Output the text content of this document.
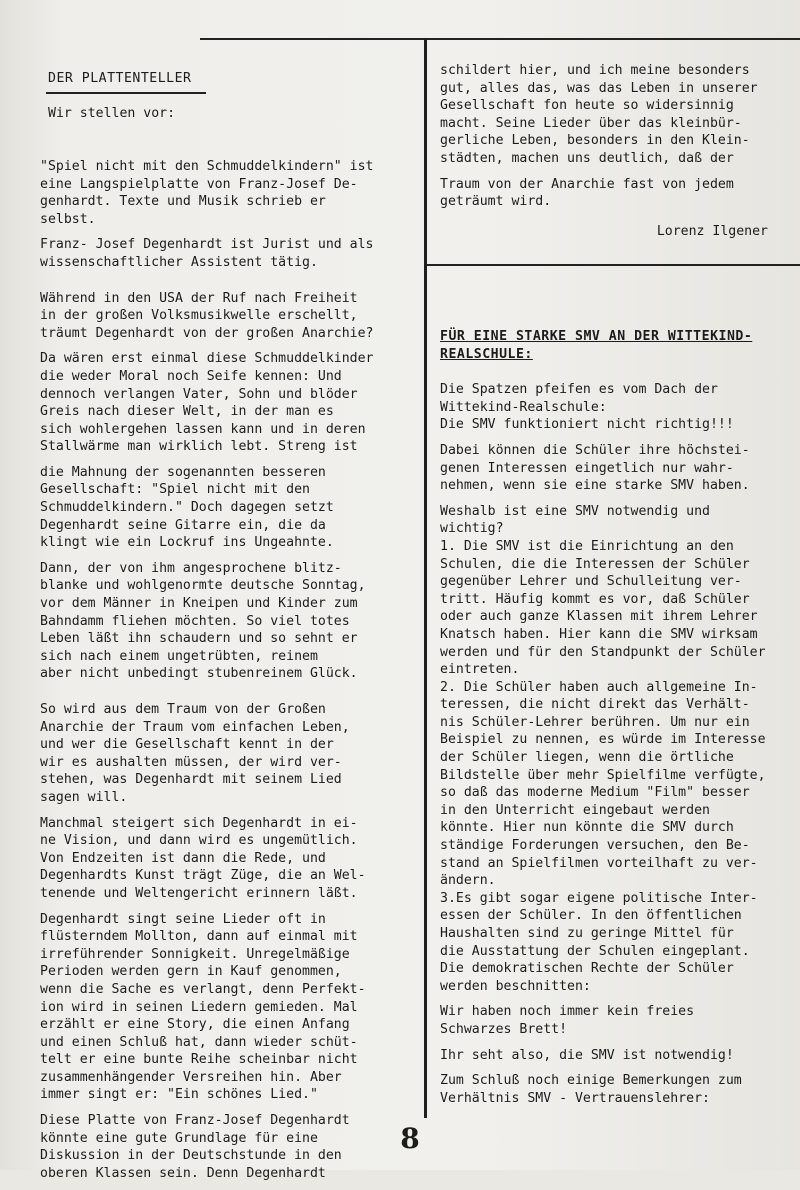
DER PLATTENTELLER

Wir stellen vor:

"Spiel nicht mit den Schmuddelkindern" ist
eine Langspielplatte von Franz-Josef De-
genhardt. Texte und Musik schrieb er
selbst.

Franz- Josef Degenhardt ist Jurist und als
wissenschaftlicher Assistent tätig.

Während in den USA der Ruf nach Freiheit
in der großen Volksmusikwelle erschellt,
träumt Degenhardt von der großen Anarchie?

Da wären erst einmal diese Schmuddelkinder
die weder Moral noch Seife kennen: Und
dennoch verlangen Vater, Sohn und blöder
Greis nach dieser Welt, in der man es
sich wohlergehen lassen kann und in deren
Stallwärme man wirklich lebt. Streng ist

die Mahnung der sogenannten besseren
Gesellschaft: "Spiel nicht mit den
Schmuddelkindern." Doch dagegen setzt
Degenhardt seine Gitarre ein, die da
klingt wie ein Lockruf ins Ungeahnte.

Dann, der von ihm angesprochene blitz-
blanke und wohlgenormte deutsche Sonntag,
vor dem Männer in Kneipen und Kinder zum
Bahndamm fliehen möchten. So viel totes
Leben läßt ihn schaudern und so sehnt er
sich nach einem ungetrübten, reinem
aber nicht unbedingt stubenreinem Glück.

So wird aus dem Traum von der Großen
Anarchie der Traum vom einfachen Leben,
und wer die Gesellschaft kennt in der
wir es aushalten müssen, der wird ver-
stehen, was Degenhardt mit seinem Lied
sagen will.

Manchmal steigert sich Degenhardt in ei-
ne Vision, und dann wird es ungemütlich.
Von Endzeiten ist dann die Rede, und
Degenhardts Kunst trägt Züge, die an Wel-
tenende und Weltengericht erinnern läßt.

Degenhardt singt seine Lieder oft in
flüsterndem Mollton, dann auf einmal mit
irreführender Sonnigkeit. Unregelmäßige
Perioden werden gern in Kauf genommen,
wenn die Sache es verlangt, denn Perfekt-
ion wird in seinen Liedern gemieden. Mal
erzählt er eine Story, die einen Anfang
und einen Schluß hat, dann wieder schüt-
telt er eine bunte Reihe scheinbar nicht
zusammenhängender Versreihen hin. Aber
immer singt er: "Ein schönes Lied."

Diese Platte von Franz-Josef Degenhardt
könnte eine gute Grundlage für eine
Diskussion in der Deutschstunde in den
oberen Klassen sein. Denn Degenhardt

schildert hier, und ich meine besonders
gut, alles das, was das Leben in unserer
Gesellschaft fon heute so widersinnig
macht. Seine Lieder über das kleinbür-
gerliche Leben, besonders in den Klein-
städten, machen uns deutlich, daß der

Traum von der Anarchie fast von jedem
geträumt wird.

Lorenz Ilgener

FÜR EINE STARKE SMV AN DER WITTEKIND-
REALSCHULE:

Die Spatzen pfeifen es vom Dach der
Wittekind-Realschule:
Die SMV funktioniert nicht richtig!!!

Dabei können die Schüler ihre höchstei-
genen Interessen eingetlich nur wahr-
nehmen, wenn sie eine starke SMV haben.

Weshalb ist eine SMV notwendig und
wichtig?
1. Die SMV ist die Einrichtung an den
Schulen, die die Interessen der Schüler
gegenüber Lehrer und Schulleitung ver-
tritt. Häufig kommt es vor, daß Schüler
oder auch ganze Klassen mit ihrem Lehrer
Knatsch haben. Hier kann die SMV wirksam
werden und für den Standpunkt der Schüler
eintreten.
2. Die Schüler haben auch allgemeine In-
teressen, die nicht direkt das Verhält-
nis Schüler-Lehrer berühren. Um nur ein
Beispiel zu nennen, es würde im Interesse
der Schüler liegen, wenn die örtliche
Bildstelle über mehr Spielfilme verfügte,
so daß das moderne Medium "Film" besser
in den Unterricht eingebaut werden
könnte. Hier nun könnte die SMV durch
ständige Forderungen versuchen, den Be-
stand an Spielfilmen vorteilhaft zu ver-
ändern.
3.Es gibt sogar eigene politische Inter-
essen der Schüler. In den öffentlichen
Haushalten sind zu geringe Mittel für
die Ausstattung der Schulen eingeplant.
Die demokratischen Rechte der Schüler
werden beschnitten:

Wir haben noch immer kein freies
Schwarzes Brett!

Ihr seht also, die SMV ist notwendig!

Zum Schluß noch einige Bemerkungen zum
Verhältnis SMV - Vertrauenslehrer:

8
